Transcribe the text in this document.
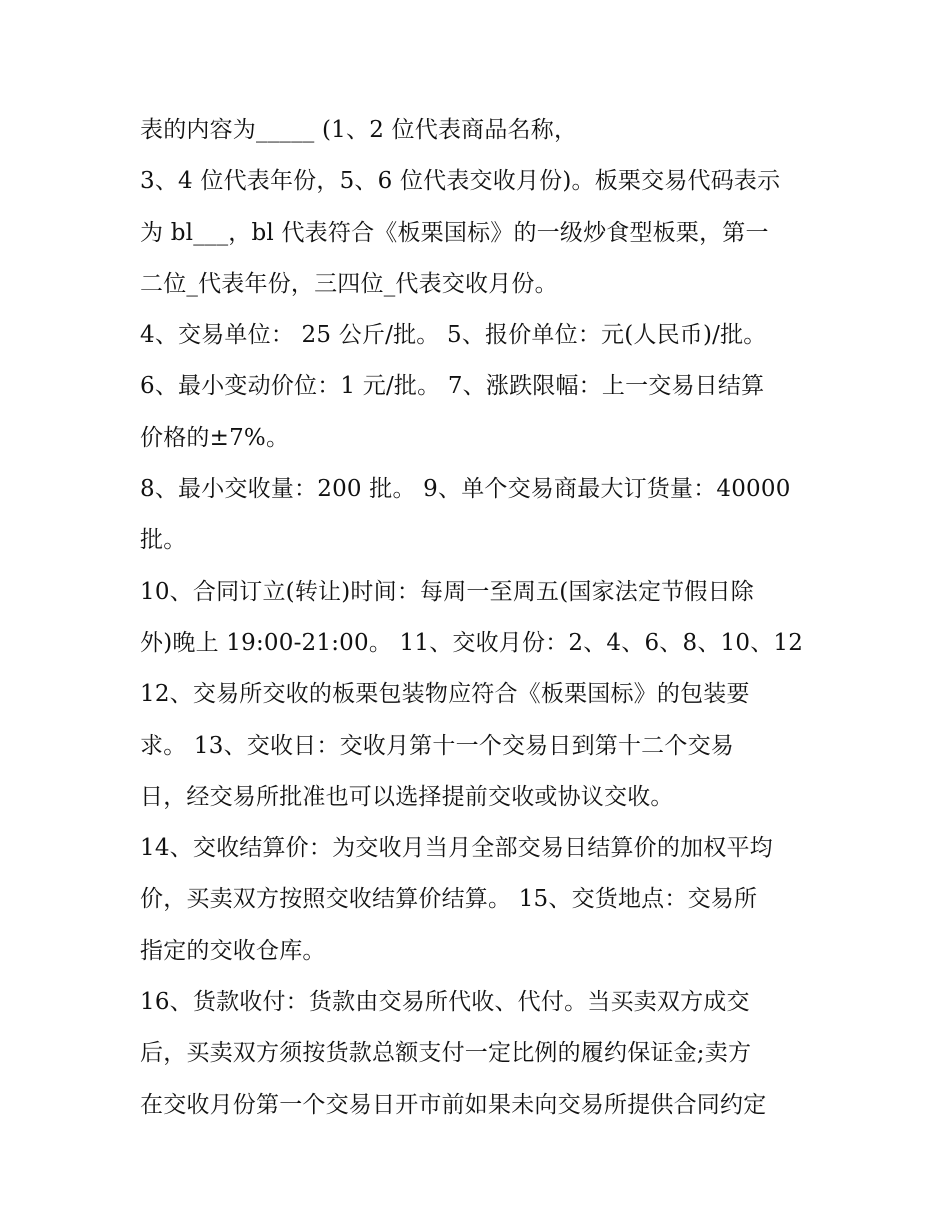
表的内容为_____ (1、2 位代表商品名称，
3、4 位代表年份，5、6 位代表交收月份)。板栗交易代码表示
为 bl___，bl 代表符合《板栗国标》的一级炒食型板栗，第一
二位_代表年份，三四位_代表交收月份。
4、交易单位： 25 公斤/批。 5、报价单位：元(人民币)/批。
6、最小变动价位：1 元/批。 7、涨跌限幅：上一交易日结算
价格的±7%。
8、最小交收量：200 批。 9、单个交易商最大订货量：40000
批。
10、合同订立(转让)时间：每周一至周五(国家法定节假日除
外)晚上 19:00-21:00。 11、交收月份：2、4、6、8、10、12
12、交易所交收的板栗包装物应符合《板栗国标》的包装要
求。 13、交收日：交收月第十一个交易日到第十二个交易
日，经交易所批准也可以选择提前交收或协议交收。
14、交收结算价：为交收月当月全部交易日结算价的加权平均
价，买卖双方按照交收结算价结算。 15、交货地点：交易所
指定的交收仓库。
16、货款收付：货款由交易所代收、代付。当买卖双方成交
后，买卖双方须按货款总额支付一定比例的履约保证金;卖方
在交收月份第一个交易日开市前如果未向交易所提供合同约定
